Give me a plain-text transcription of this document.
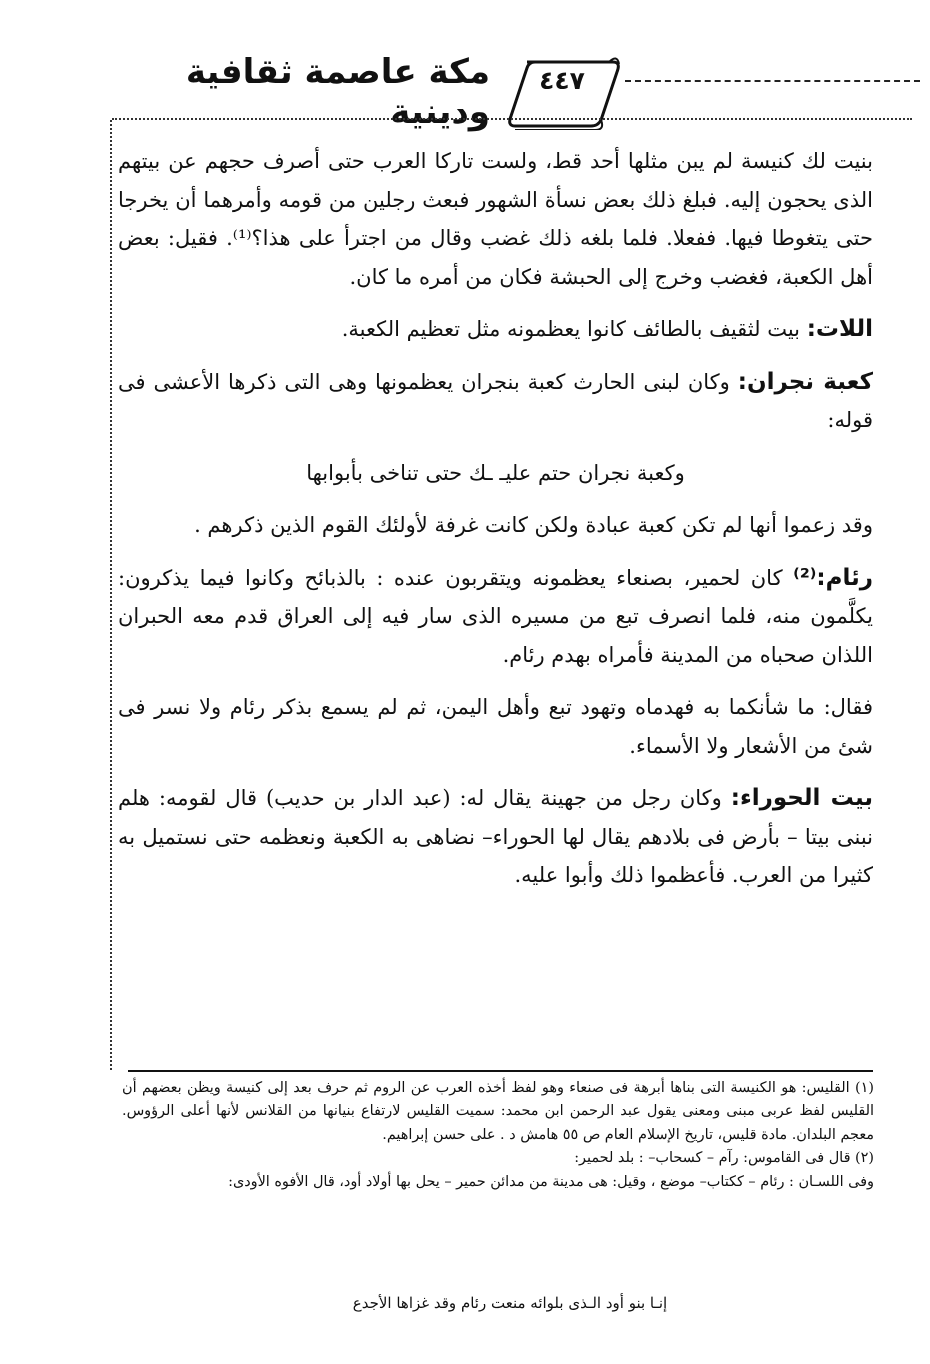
مكة عاصمة ثقافية ودينية
٤٤٧

بنيت لك كنيسة لم يبن مثلها أحد قط، ولست تاركا العرب حتى أصرف حجهم عن بيتهم الذى يحجون إليه. فبلغ ذلك بعض نسأة الشهور فبعث رجلين من قومه وأمرهما أن يخرجا حتى يتغوطا فيها. ففعلا. فلما بلغه ذلك غضب وقال من اجترأ على هذا؟⁽¹⁾. فقيل: بعض أهل الكعبة، فغضب وخرج إلى الحبشة فكان من أمره ما كان.

اللات: بيت لثقيف بالطائف كانوا يعظمونه مثل تعظيم الكعبة.

كعبة نجران: وكان لبنى الحارث كعبة بنجران يعظمونها وهى التى ذكرها الأعشى فى قوله:

وكعبة نجران حتم عليـ ـك حتى تناخى بأبوابها

وقد زعموا أنها لم تكن كعبة عبادة ولكن كانت غرفة لأولئك القوم الذين ذكرهم .

رئام:⁽²⁾ كان لحمير، بصنعاء يعظمونه ويتقربون عنده : بالذبائح وكانوا فيما يذكرون: يكلَّمون منه، فلما انصرف تبع من مسيره الذى سار فيه إلى العراق قدم معه الحبران اللذان صحباه من المدينة فأمراه بهدم رئام.

فقال: ما شأنكما به فهدماه وتهود تبع وأهل اليمن، ثم لم يسمع بذكر رئام ولا نسر فى شئ من الأشعار ولا الأسماء.

بيت الحوراء: وكان رجل من جهينة يقال له: (عبد الدار بن حديب) قال لقومه: هلم نبنى بيتا – بأرض فى بلادهم يقال لها الحوراء– نضاهى به الكعبة ونعظمه حتى نستميل به كثيرا من العرب. فأعظموا ذلك وأبوا عليه.

(١) القليس: هو الكنيسة التى بناها أبرهة فى صنعاء وهو لفظ أخذه العرب عن الروم ثم حرف بعد إلى كنيسة ويظن بعضهم أن القليس لفظ عربى مبنى ومعنى يقول عبد الرحمن ابن محمد: سميت القليس لارتفاع بنيانها من القلانس لأنها أعلى الرؤوس. معجم البلدان. مادة قليس، تاريخ الإسلام العام ص ٥٥ هامش د . على حسن إبراهيم.

(٢) قال فى القاموس: رآم – كسحاب– : بلد لحمير:

وفى اللسـان : رئام – ككتاب– موضع ، وقيل: هى مدينة من مدائن حمير – يحل بها أولاد أود، قال الأفوه الأودى:

إنـا بنو أود الـذى بلوائه منعت رئام وقد غزاها الأجدع
